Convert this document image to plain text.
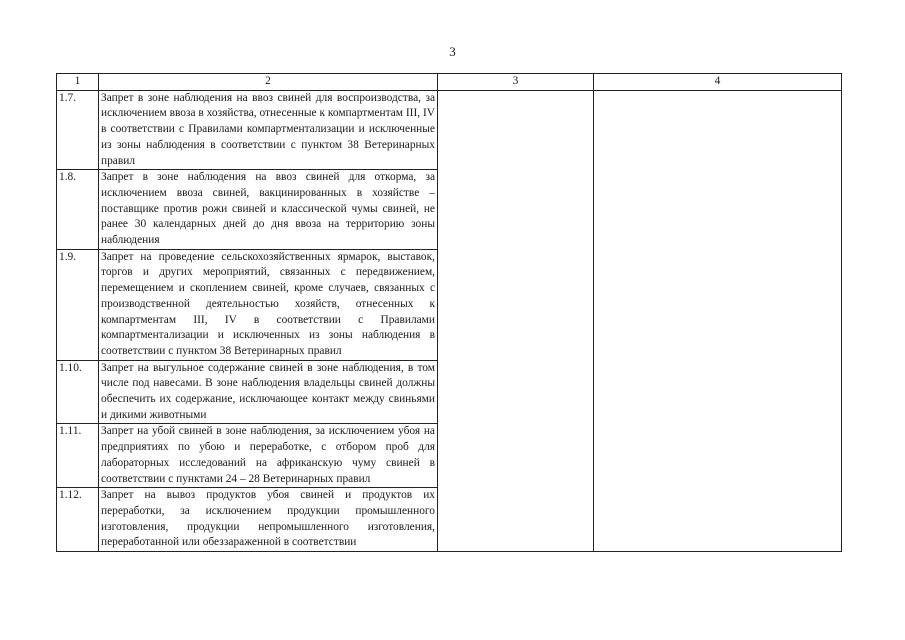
3
1	2	3	4
1.7.	Запрет в зоне наблюдения на ввоз свиней для воспроизводства, за исключением ввоза в хозяйства, отнесенные к компартментам III, IV в соответствии с Правилами компартментализации и исключенные из зоны наблюдения в соответствии с пунктом 38 Ветеринарных правил		
1.8.	Запрет в зоне наблюдения на ввоз свиней для откорма, за исключением ввоза свиней, вакцинированных в хозяйстве – поставщике против рожи свиней и классической чумы свиней, не ранее 30 календарных дней до дня ввоза на территорию зоны наблюдения		
1.9.	Запрет на проведение сельскохозяйственных ярмарок, выставок, торгов и других мероприятий, связанных с передвижением, перемещением и скоплением свиней, кроме случаев, связанных с производственной деятельностью хозяйств, отнесенных к компартментам III, IV в соответствии с Правилами компартментализации и исключенных из зоны наблюдения в соответствии с пунктом 38 Ветеринарных правил		
1.10.	Запрет на выгульное содержание свиней в зоне наблюдения, в том числе под навесами. В зоне наблюдения владельцы свиней должны обеспечить их содержание, исключающее контакт между свиньями и дикими животными		
1.11.	Запрет на убой свиней в зоне наблюдения, за исключением убоя на предприятиях по убою и переработке, с отбором проб для лабораторных исследований на африканскую чуму свиней в соответствии с пунктами 24 – 28 Ветеринарных правил		
1.12.	Запрет на вывоз продуктов убоя свиней и продуктов их переработки, за исключением продукции промышленного изготовления, продукции непромышленного изготовления, переработанной или обеззараженной в соответствии		
